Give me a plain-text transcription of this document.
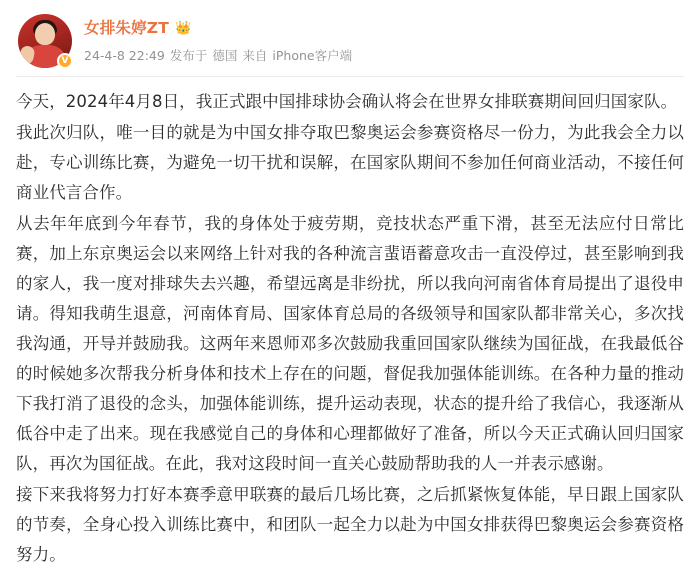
V
女排朱婷ZT 👑
24-4-8 22:49 发布于 德国 来自 iPhone客户端

今天，2024年4月8日，我正式跟中国排球协会确认将会在世界女排联赛期间回归国家队。

我此次归队，唯一目的就是为中国女排夺取巴黎奥运会参赛资格尽一份力，为此我会全力以赴，专心训练比赛，为避免一切干扰和误解，在国家队期间不参加任何商业活动，不接任何商业代言合作。

从去年年底到今年春节，我的身体处于疲劳期，竞技状态严重下滑，甚至无法应付日常比赛，加上东京奥运会以来网络上针对我的各种流言蜚语蓄意攻击一直没停过，甚至影响到我的家人，我一度对排球失去兴趣，希望远离是非纷扰，所以我向河南省体育局提出了退役申请。得知我萌生退意，河南体育局、国家体育总局的各级领导和国家队都非常关心，多次找我沟通，开导并鼓励我。这两年来恩师邓多次鼓励我重回国家队继续为国征战，在我最低谷的时候她多次帮我分析身体和技术上存在的问题，督促我加强体能训练。在各种力量的推动下我打消了退役的念头，加强体能训练，提升运动表现，状态的提升给了我信心，我逐渐从低谷中走了出来。现在我感觉自己的身体和心理都做好了准备，所以今天正式确认回归国家队，再次为国征战。在此，我对这段时间一直关心鼓励帮助我的人一并表示感谢。

接下来我将努力打好本赛季意甲联赛的最后几场比赛，之后抓紧恢复体能，早日跟上国家队的节奏，全身心投入训练比赛中，和团队一起全力以赴为中国女排获得巴黎奥运会参赛资格努力。
